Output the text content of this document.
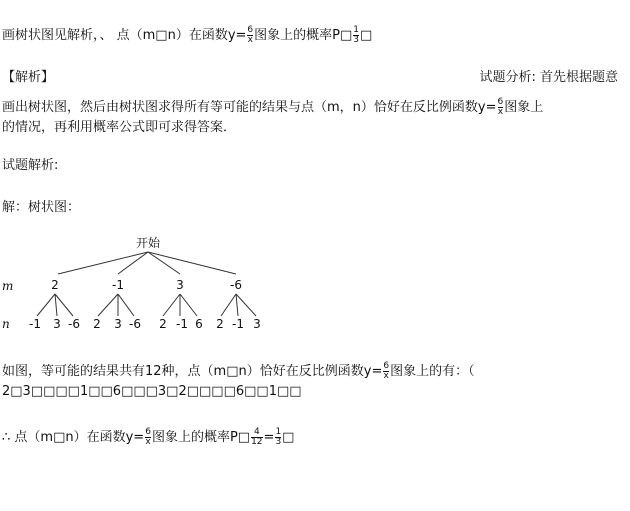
画树状图见解析，、 点（m□n）在函数$y= \frac{6}{x}$ 图象上的概率P□ $\frac{1}{3}$ □
【解析】	试题分析: 首先根据题意
画出树状图，然后由树状图求得所有等可能的结果与点（m，n）恰好在反比例函数$y= \frac{6}{x}$ 图象上
的情况，再利用概率公式即可求得答案．
试题解析:
解：树状图：
开始
m
n
2	-1	3	-6
-1 3 -6 2 3 -6 2 -1 6 2 -1 3
如图，等可能的结果共有12种，点（m□n）恰好在反比例函数$y= \frac{6}{x}$ 图象上的有：（
2□3□□□□1□□6□□□3□2□□□□6□□1□□
∴ 点（m□n）在函数$y= \frac{6}{x}$ 图象上的概率P□ $\frac{4}{12} = \frac{1}{3}$ □
